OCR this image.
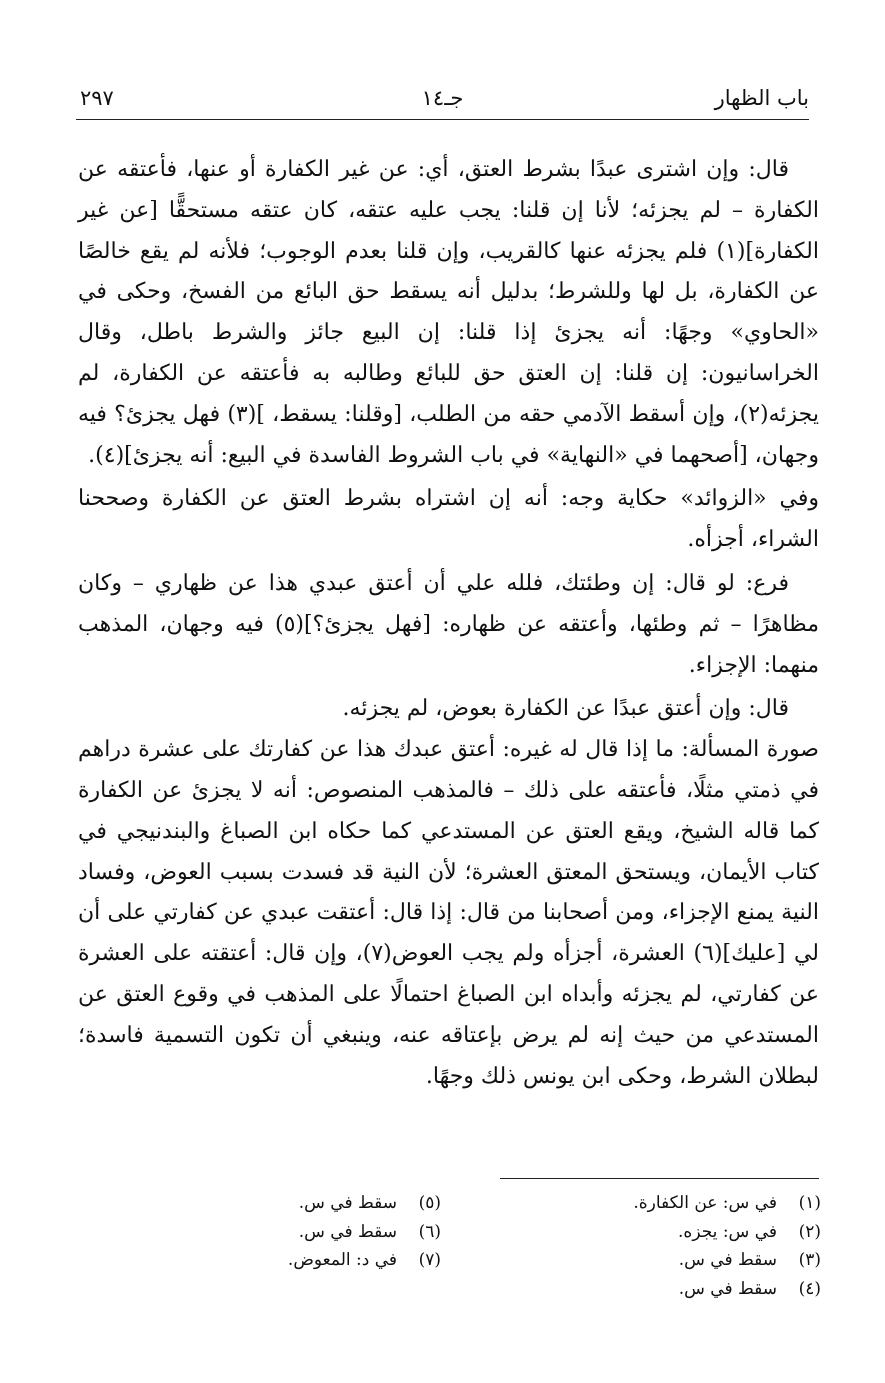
باب الظهار
جـ١٤
٢٩٧

قال: وإن اشترى عبدًا بشرط العتق، أي: عن غير الكفارة أو عنها، فأعتقه عن الكفارة – لم يجزئه؛ لأنا إن قلنا: يجب عليه عتقه، كان عتقه مستحقًّا [عن غير الكفارة](١) فلم يجزئه عنها كالقريب، وإن قلنا بعدم الوجوب؛ فلأنه لم يقع خالصًا عن الكفارة، بل لها وللشرط؛ بدليل أنه يسقط حق البائع من الفسخ، وحكى في «الحاوي» وجهًا: أنه يجزئ إذا قلنا: إن البيع جائز والشرط باطل، وقال الخراسانيون: إن قلنا: إن العتق حق للبائع وطالبه به فأعتقه عن الكفارة، لم يجزئه(٢)، وإن أسقط الآدمي حقه من الطلب، [وقلنا: يسقط، ](٣) فهل يجزئ؟ فيه وجهان، [أصحهما في «النهاية» في باب الشروط الفاسدة في البيع: أنه يجزئ](٤).

وفي «الزوائد» حكاية وجه: أنه إن اشتراه بشرط العتق عن الكفارة وصححنا الشراء، أجزأه.

فرع: لو قال: إن وطئتك، فلله علي أن أعتق عبدي هذا عن ظهاري – وكان مظاهرًا – ثم وطئها، وأعتقه عن ظهاره: [فهل يجزئ؟](٥) فيه وجهان، المذهب منهما: الإجزاء.

قال: وإن أعتق عبدًا عن الكفارة بعوض، لم يجزئه.

صورة المسألة: ما إذا قال له غيره: أعتق عبدك هذا عن كفارتك على عشرة دراهم في ذمتي مثلًا، فأعتقه على ذلك – فالمذهب المنصوص: أنه لا يجزئ عن الكفارة كما قاله الشيخ، ويقع العتق عن المستدعي كما حكاه ابن الصباغ والبندنيجي في كتاب الأيمان، ويستحق المعتق العشرة؛ لأن النية قد فسدت بسبب العوض، وفساد النية يمنع الإجزاء، ومن أصحابنا من قال: إذا قال: أعتقت عبدي عن كفارتي على أن لي [عليك](٦) العشرة، أجزأه ولم يجب العوض(٧)، وإن قال: أعتقته على العشرة عن كفارتي، لم يجزئه وأبداه ابن الصباغ احتمالًا على المذهب في وقوع العتق عن المستدعي من حيث إنه لم يرض بإعتاقه عنه، وينبغي أن تكون التسمية فاسدة؛ لبطلان الشرط، وحكى ابن يونس ذلك وجهًا.

(١)في س: عن الكفارة.
(٢)في س: يجزه.
(٣)سقط في س.
(٤)سقط في س.
(٥)سقط في س.
(٦)سقط في س.
(٧)في د: المعوض.
